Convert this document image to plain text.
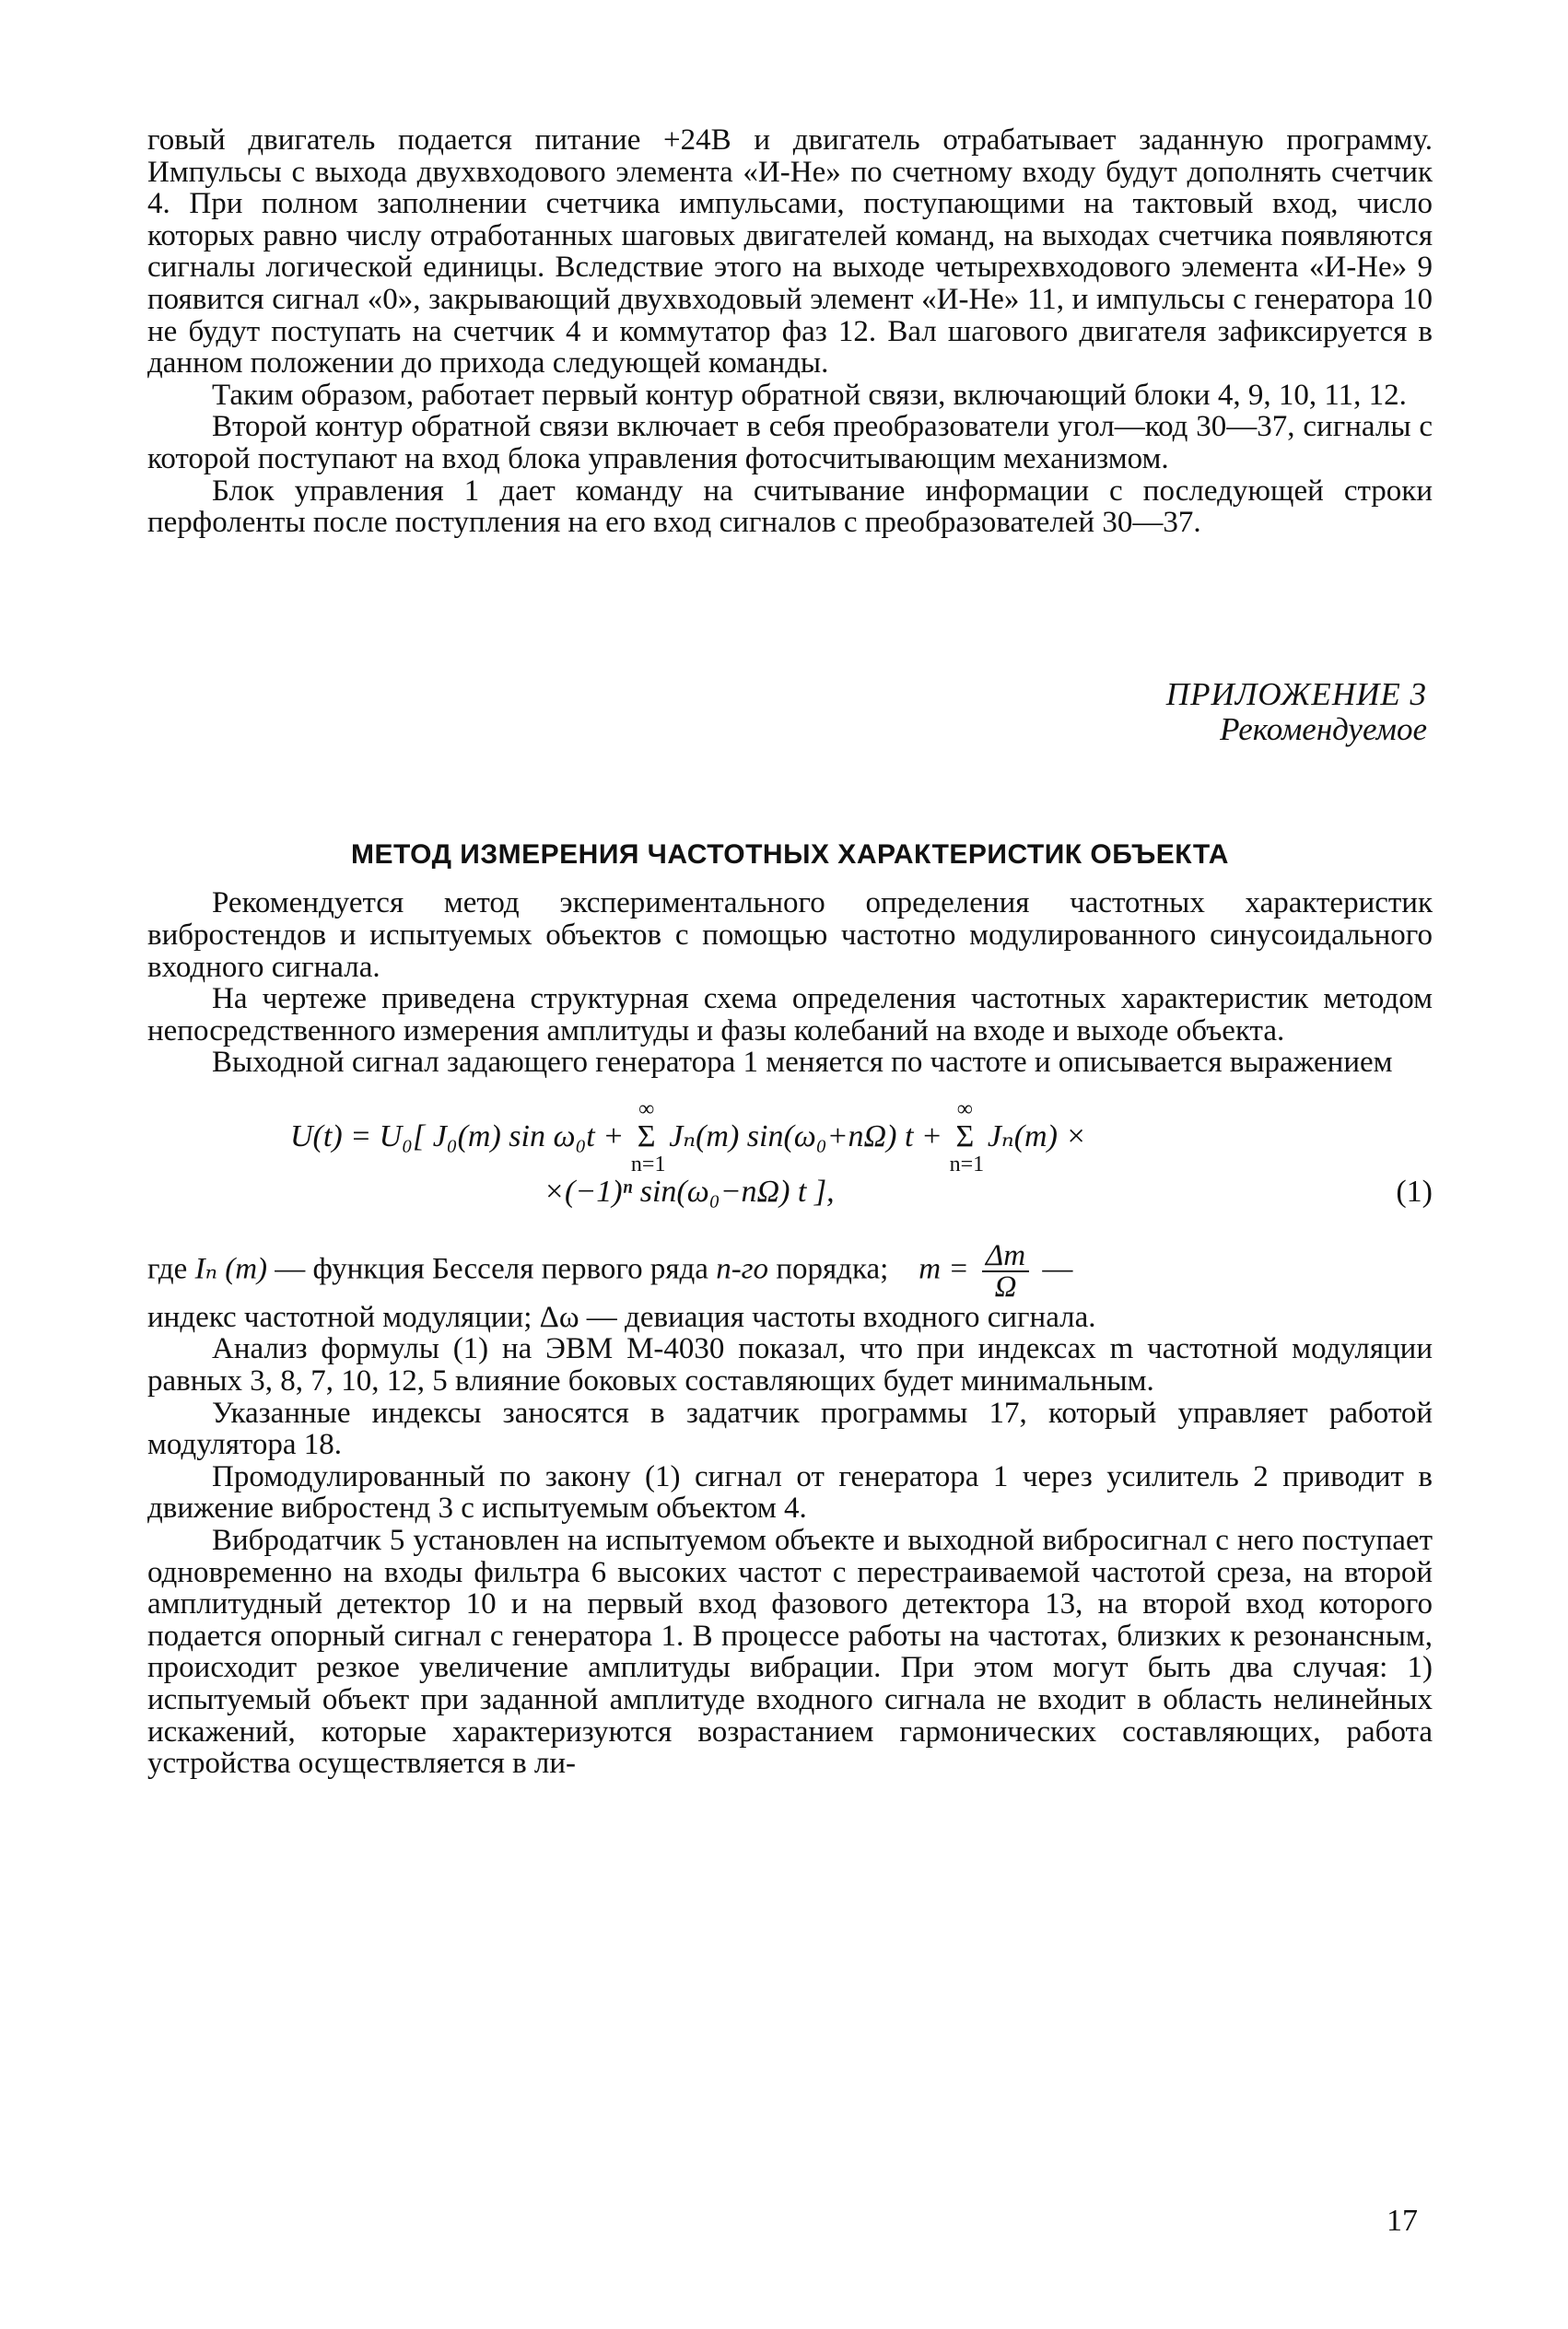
говый двигатель подается питание +24В и двигатель отрабатывает заданную программу. Импульсы с выхода двухвходового элемента «И-Не» по счетному входу будут дополнять счетчик 4. При полном заполнении счетчика импульсами, поступающими на тактовый вход, число которых равно числу отработанных шаговых двигателей команд, на выходах счетчика появляются сигналы логической единицы. Вследствие этого на выходе четырехвходового элемента «И-Не» 9 появится сигнал «0», закрывающий двухвходовый элемент «И-Не» 11, и импульсы с генератора 10 не будут поступать на счетчик 4 и коммутатор фаз 12. Вал шагового двигателя зафиксируется в данном положении до прихода следующей команды.

Таким образом, работает первый контур обратной связи, включающий блоки 4, 9, 10, 11, 12.

Второй контур обратной связи включает в себя преобразователи угол—код 30—37, сигналы с которой поступают на вход блока управления фотосчитывающим механизмом.

Блок управления 1 дает команду на считывание информации с последующей строки перфоленты после поступления на его вход сигналов с преобразователей 30—37.

ПРИЛОЖЕНИЕ 3
Рекомендуемое
МЕТОД ИЗМЕРЕНИЯ ЧАСТОТНЫХ ХАРАКТЕРИСТИК ОБЪЕКТА

Рекомендуется метод экспериментального определения частотных характеристик вибростендов и испытуемых объектов с помощью частотно модулированного синусоидального входного сигнала.

На чертеже приведена структурная схема определения частотных характеристик методом непосредственного измерения амплитуды и фазы колебаний на входе и выходе объекта.

Выходной сигнал задающего генератора 1 меняется по частоте и описывается выражением

U(t) = U₀[ J₀(m) sin ω₀t +
∞
Σ
n=1
Jₙ(m) sin(ω₀+nΩ) t +
∞
Σ
n=1
Jₙ(m) ×
×(−1)ⁿ sin(ω₀−nΩ) t ],	(1)
где Iₙ (m) — функция Бесселя первого ряда n-го порядка; $m = \frac{\Delta m}{\Omega}$ —

индекс частотной модуляции; Δω — девиация частоты входного сигнала.

Анализ формулы (1) на ЭВМ М-4030 показал, что при индексах m частотной модуляции равных 3, 8, 7, 10, 12, 5 влияние боковых составляющих будет минимальным.

Указанные индексы заносятся в задатчик программы 17, который управляет работой модулятора 18.

Промодулированный по закону (1) сигнал от генератора 1 через усилитель 2 приводит в движение вибростенд 3 с испытуемым объектом 4.

Вибродатчик 5 установлен на испытуемом объекте и выходной вибросигнал с него поступает одновременно на входы фильтра 6 высоких частот с перестраиваемой частотой среза, на второй амплитудный детектор 10 и на первый вход фазового детектора 13, на второй вход которого подается опорный сигнал с генератора 1. В процессе работы на частотах, близких к резонансным, происходит резкое увеличение амплитуды вибрации. При этом могут быть два случая: 1) испытуемый объект при заданной амплитуде входного сигнала не входит в область нелинейных искажений, которые характеризуются возрастанием гармонических составляющих, работа устройства осуществляется в ли-

17
